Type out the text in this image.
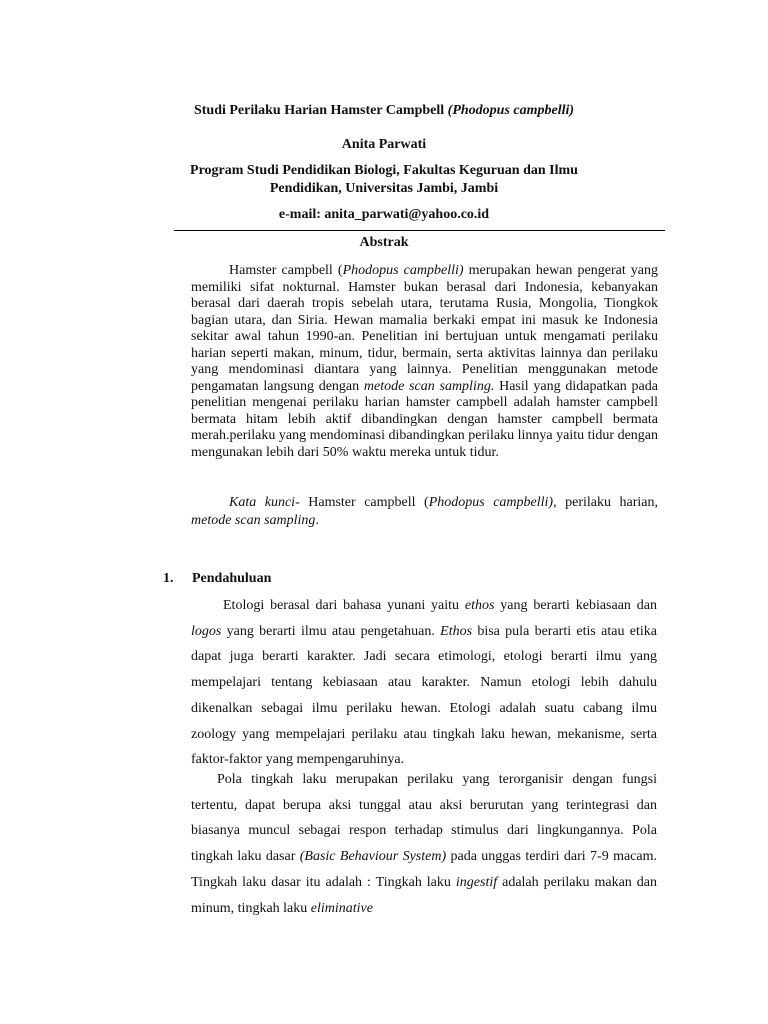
Studi Perilaku Harian Hamster Campbell (Phodopus campbelli)
Anita Parwati
Program Studi Pendidikan Biologi, Fakultas Keguruan dan Ilmu Pendidikan, Universitas Jambi, Jambi
e-mail: anita_parwati@yahoo.co.id
Abstrak
Hamster campbell (Phodopus campbelli) merupakan hewan pengerat yang memiliki sifat nokturnal. Hamster bukan berasal dari Indonesia, kebanyakan berasal dari daerah tropis sebelah utara, terutama Rusia, Mongolia, Tiongkok bagian utara, dan Siria. Hewan mamalia berkaki empat ini masuk ke Indonesia sekitar awal tahun 1990-an. Penelitian ini bertujuan untuk mengamati perilaku harian seperti makan, minum, tidur, bermain, serta aktivitas lainnya dan perilaku yang mendominasi diantara yang lainnya. Penelitian menggunakan metode pengamatan langsung dengan metode scan sampling. Hasil yang didapatkan pada penelitian mengenai perilaku harian hamster campbell adalah hamster campbell bermata hitam lebih aktif dibandingkan dengan hamster campbell bermata merah.perilaku yang mendominasi dibandingkan perilaku linnya yaitu tidur dengan mengunakan lebih dari 50% waktu mereka untuk tidur.
Kata kunci- Hamster campbell (Phodopus campbelli), perilaku harian, metode scan sampling.
1. Pendahuluan
Etologi berasal dari bahasa yunani yaitu ethos yang berarti kebiasaan dan logos yang berarti ilmu atau pengetahuan. Ethos bisa pula berarti etis atau etika dapat juga berarti karakter. Jadi secara etimologi, etologi berarti ilmu yang mempelajari tentang kebiasaan atau karakter. Namun etologi lebih dahulu dikenalkan sebagai ilmu perilaku hewan. Etologi adalah suatu cabang ilmu zoology yang mempelajari perilaku atau tingkah laku hewan, mekanisme, serta faktor-faktor yang mempengaruhinya.
Pola tingkah laku merupakan perilaku yang terorganisir dengan fungsi tertentu, dapat berupa aksi tunggal atau aksi berurutan yang terintegrasi dan biasanya muncul sebagai respon terhadap stimulus dari lingkungannya. Pola tingkah laku dasar (Basic Behaviour System) pada unggas terdiri dari 7-9 macam. Tingkah laku dasar itu adalah : Tingkah laku ingestif adalah perilaku makan dan minum, tingkah laku eliminative
